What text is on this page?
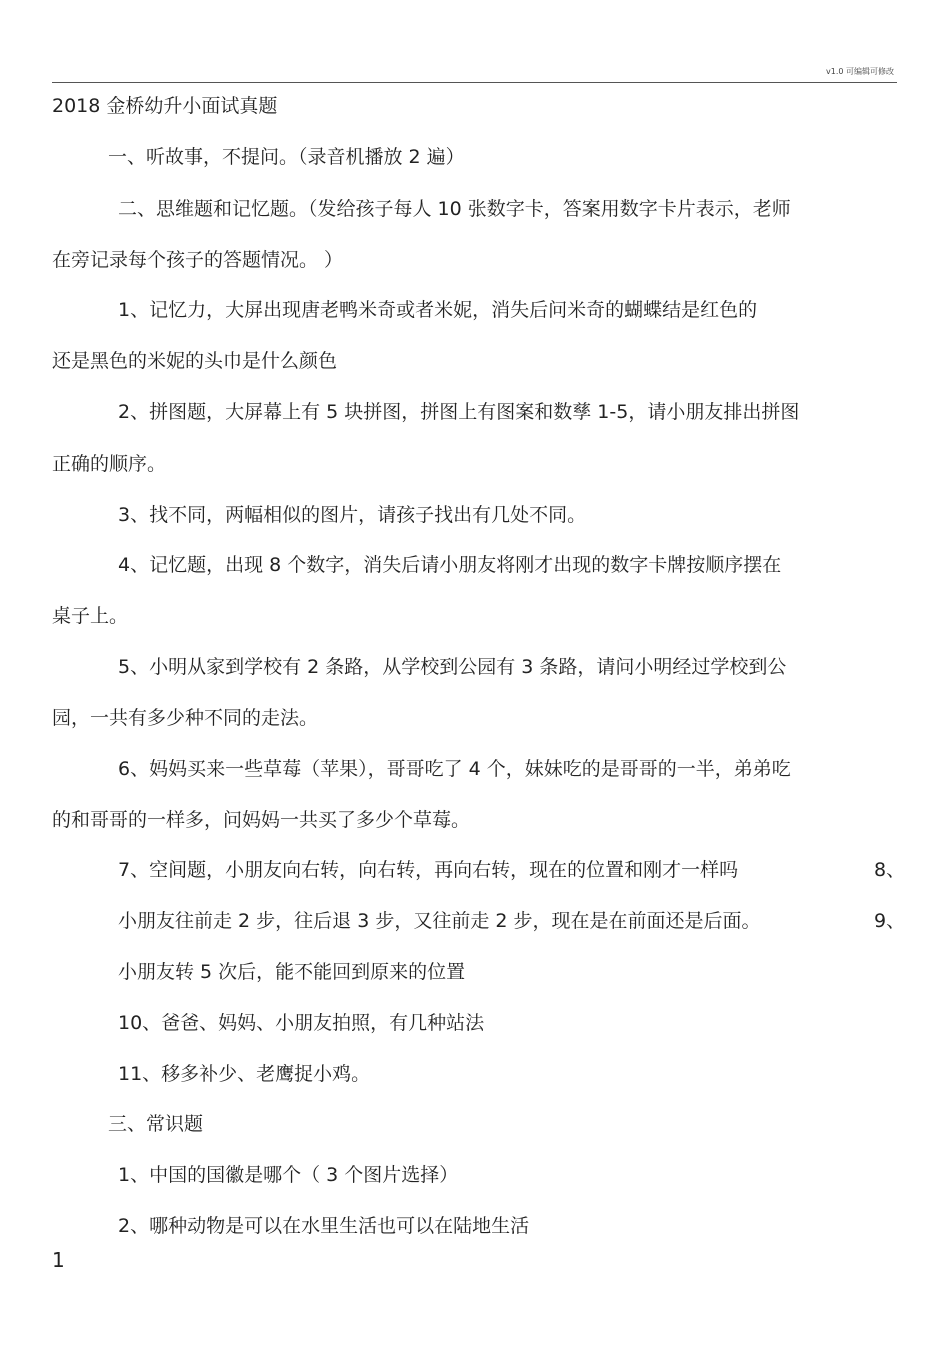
v1.0 可编辑可修改
2018 金桥幼升小面试真题
一、听故事，不提问。（录音机播放 2 遍）
二、思维题和记忆题。（发给孩子每人 10 张数字卡，答案用数字卡片表示，老师
在旁记录每个孩子的答题情况。 ）
1、记忆力，大屏出现唐老鸭米奇或者米妮，消失后问米奇的蝴蝶结是红色的
还是黑色的米妮的头巾是什么颜色
2、拼图题，大屏幕上有 5 块拼图，拼图上有图案和数孳 1-5，请小朋友排出拼图
正确的顺序。
3、找不同，两幅相似的图片，请孩子找出有几处不同。
4、记忆题，出现 8 个数字，消失后请小朋友将刚才出现的数字卡牌按顺序摆在
桌子上。
5、小明从家到学校有 2 条路，从学校到公园有 3 条路，请问小明经过学校到公
园，一共有多少种不同的走法。
6、妈妈买来一些草莓（苹果），哥哥吃了 4 个，妹妹吃的是哥哥的一半，弟弟吃
的和哥哥的一样多，问妈妈一共买了多少个草莓。
7、空间题，小朋友向右转，向右转，再向右转，现在的位置和刚才一样吗	8、
小朋友往前走 2 步，往后退 3 步，又往前走 2 步，现在是在前面还是后面。	9、
小朋友转 5 次后，能不能回到原来的位置
10、爸爸、妈妈、小朋友拍照，有几种站法
11、移多补少、老鹰捉小鸡。
三、常识题
1、中国的国徽是哪个（ 3 个图片选择）
2、哪种动物是可以在水里生活也可以在陆地生活
1
